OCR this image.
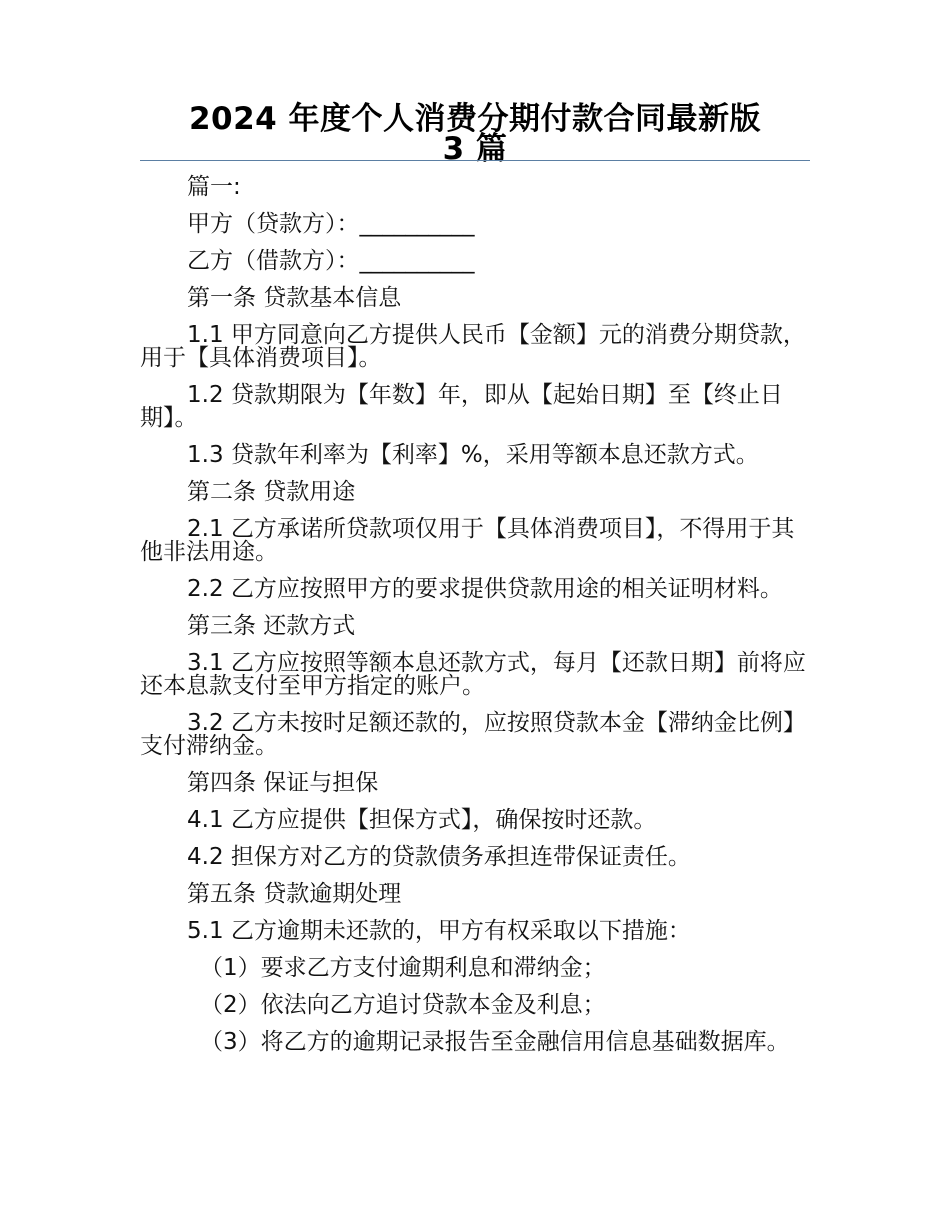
2024 年度个人消费分期付款合同最新版
3 篇

篇一:

甲方（贷款方）：__________

乙方（借款方）：__________

第一条 贷款基本信息

1.1 甲方同意向乙方提供人民币【金额】元的消费分期贷款，用于【具体消费项目】。

1.2 贷款期限为【年数】年，即从【起始日期】至【终止日期】。

1.3 贷款年利率为【利率】%，采用等额本息还款方式。

第二条 贷款用途

2.1 乙方承诺所贷款项仅用于【具体消费项目】，不得用于其他非法用途。

2.2 乙方应按照甲方的要求提供贷款用途的相关证明材料。

第三条 还款方式

3.1 乙方应按照等额本息还款方式，每月【还款日期】前将应还本息款支付至甲方指定的账户。

3.2 乙方未按时足额还款的，应按照贷款本金【滞纳金比例】支付滞纳金。

第四条 保证与担保

4.1 乙方应提供【担保方式】，确保按时还款。

4.2 担保方对乙方的贷款债务承担连带保证责任。

第五条 贷款逾期处理

5.1 乙方逾期未还款的，甲方有权采取以下措施：

（1）要求乙方支付逾期利息和滞纳金；

（2）依法向乙方追讨贷款本金及利息；

（3）将乙方的逾期记录报告至金融信用信息基础数据库。
